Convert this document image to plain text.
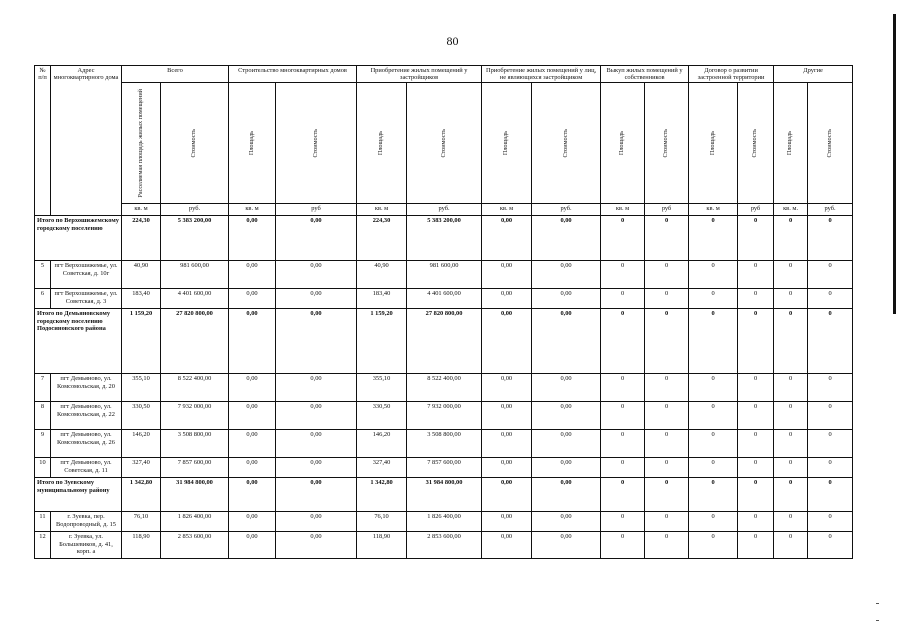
80
№ п/п	Адрес многоквартирного дома	Всего		Строительство многоквартирных домов		Приобретение жилых помещений у застройщиков		Приобретение жилых помещений у лиц, не являющихся застройщиком		Выкуп жилых помещений у собственников		Договор о развитии застроенной территории		Другие	

		Расселяемая площадь жилых помещений	Стоимость	Площадь	Стоимость	Площадь	Стоимость	Площадь	Стоимость	Площадь	Стоимость	Площадь	Стоимость	Площадь	Стоимость

		кв. м	руб.	кв. м	руб	кв. м	руб.	кв. м	руб.	кв. м	руб	кв. м	руб	кв. м.	руб.
Итого по Верхошижемскому городскому поселению		224,30	5 383 200,00	0,00	0,00	224,30	5 383 200,00	0,00	0,00	0	0	0	0	0	0
5	пгт Верхошижемье, ул. Советская, д. 10г	40,90	981 600,00	0,00	0,00	40,90	981 600,00	0,00	0,00	0	0	0	0	0	0
6	пгт Верхошижемье, ул. Советская, д. 3	183,40	4 401 600,00	0,00	0,00	183,40	4 401 600,00	0,00	0,00	0	0	0	0	0	0
Итого по Демьяновскому городскому поселению Подосиновского района		1 159,20	27 820 800,00	0,00	0,00	1 159,20	27 820 800,00	0,00	0,00	0	0	0	0	0	0
7	пгт Демьяново, ул. Комсомольская, д. 20	355,10	8 522 400,00	0,00	0,00	355,10	8 522 400,00	0,00	0,00	0	0	0	0	0	0
8	пгт Демьяново, ул. Комсомольская, д. 22	330,50	7 932 000,00	0,00	0,00	330,50	7 932 000,00	0,00	0,00	0	0	0	0	0	0
9	пгт Демьяново, ул. Комсомольская, д. 26	146,20	3 508 800,00	0,00	0,00	146,20	3 508 800,00	0,00	0,00	0	0	0	0	0	0
10	пгт Демьяново, ул. Советская, д. 11	327,40	7 857 600,00	0,00	0,00	327,40	7 857 600,00	0,00	0,00	0	0	0	0	0	0
Итого по Зуевскому муниципальному району		1 342,80	31 984 800,00	0,00	0,00	1 342,80	31 984 800,00	0,00	0,00	0	0	0	0	0	0
11	г. Зуевка, пер. Водопроводный, д. 15	76,10	1 826 400,00	0,00	0,00	76,10	1 826 400,00	0,00	0,00	0	0	0	0	0	0
12	г. Зуевка, ул. Большевиков, д. 41, корп. а	118,90	2 853 600,00	0,00	0,00	118,90	2 853 600,00	0,00	0,00	0	0	0	0	0	0
